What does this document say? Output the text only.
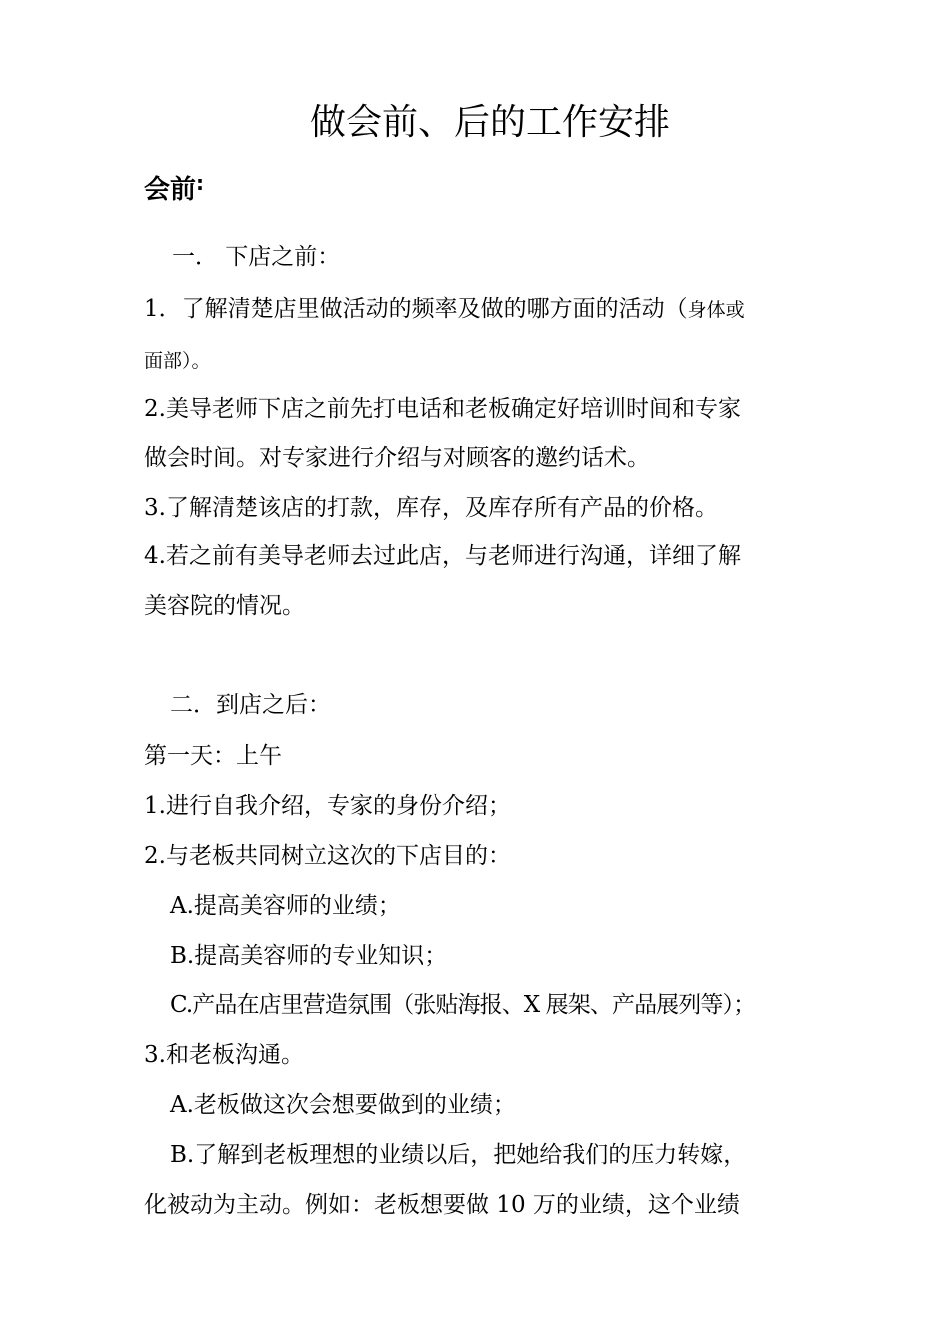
做会前、后的工作安排
会前:
一． 下店之前：
1．了解清楚店里做活动的频率及做的哪方面的活动（身体或
面部）。
2.美导老师下店之前先打电话和老板确定好培训时间和专家
做会时间。对专家进行介绍与对顾客的邀约话术。
3.了解清楚该店的打款，库存，及库存所有产品的价格。
4.若之前有美导老师去过此店，与老师进行沟通，详细了解
美容院的情况。
二．到店之后：
第一天：上午
1.进行自我介绍，专家的身份介绍；
2.与老板共同树立这次的下店目的：
A.提高美容师的业绩；
B.提高美容师的专业知识；
C.产品在店里营造氛围（张贴海报、X 展架、产品展列等）；
3.和老板沟通。
A.老板做这次会想要做到的业绩；
B.了解到老板理想的业绩以后，把她给我们的压力转嫁，
化被动为主动。例如：老板想要做 10 万的业绩，这个业绩
